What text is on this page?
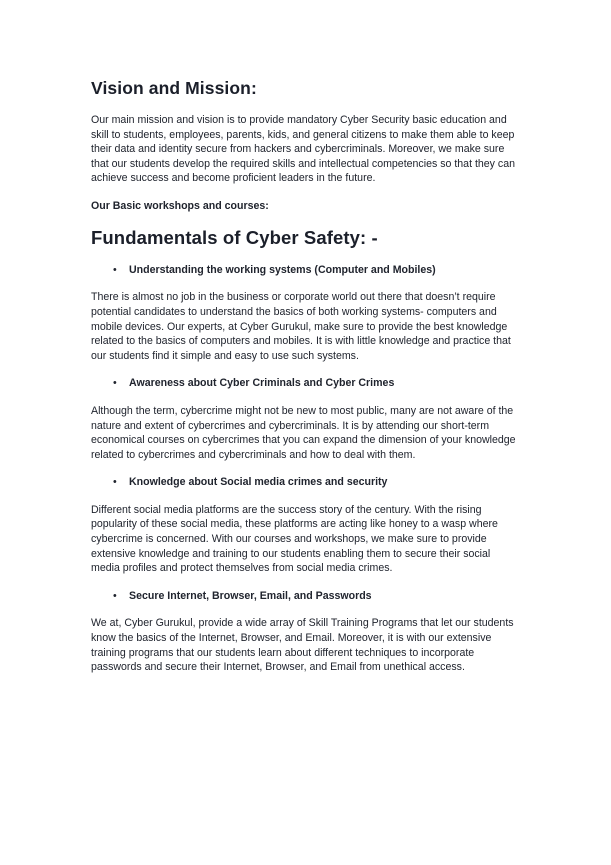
Vision and Mission:

Our main mission and vision is to provide mandatory Cyber Security basic education and skill to students, employees, parents, kids, and general citizens to make them able to keep their data and identity secure from hackers and cybercriminals. Moreover, we make sure that our students develop the required skills and intellectual competencies so that they can achieve success and become proficient leaders in the future.

Our Basic workshops and courses:
Fundamentals of Cyber Safety: -
•	Understanding the working systems (Computer and Mobiles)

There is almost no job in the business or corporate world out there that doesn’t require potential candidates to understand the basics of both working systems- computers and mobile devices. Our experts, at Cyber Gurukul, make sure to provide the best knowledge related to the basics of computers and mobiles. It is with little knowledge and practice that our students find it simple and easy to use such systems.

•	Awareness about Cyber Criminals and Cyber Crimes

Although the term, cybercrime might not be new to most public, many are not aware of the nature and extent of cybercrimes and cybercriminals. It is by attending our short-term economical courses on cybercrimes that you can expand the dimension of your knowledge related to cybercrimes and cybercriminals and how to deal with them.

•	Knowledge about Social media crimes and security

Different social media platforms are the success story of the century. With the rising popularity of these social media, these platforms are acting like honey to a wasp where cybercrime is concerned. With our courses and workshops, we make sure to provide extensive knowledge and training to our students enabling them to secure their social media profiles and protect themselves from social media crimes.

•	Secure Internet, Browser, Email, and Passwords

We at, Cyber Gurukul, provide a wide array of Skill Training Programs that let our students know the basics of the Internet, Browser, and Email. Moreover, it is with our extensive training programs that our students learn about different techniques to incorporate passwords and secure their Internet, Browser, and Email from unethical access.
